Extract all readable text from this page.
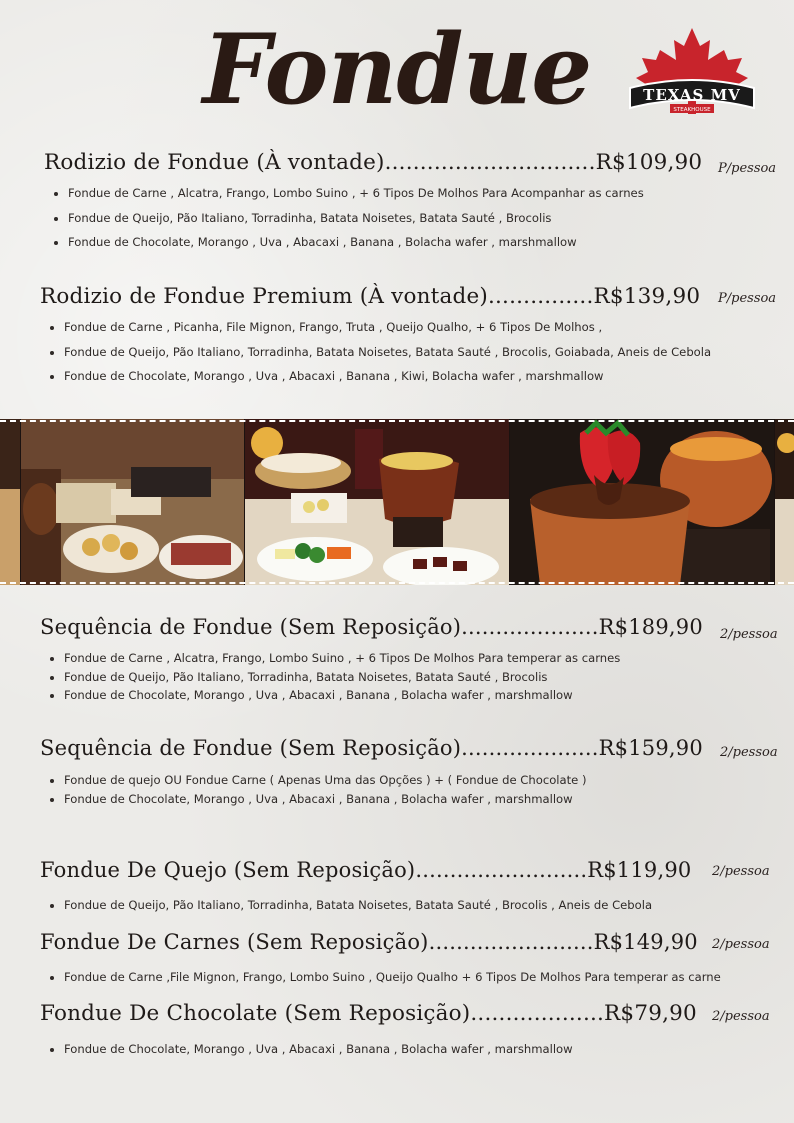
Fondue	TEXAS MV
STEAKHOUSE
Rodizio de Fondue (À vontade)..............................R$109,90 P/pessoa
Fondue de Carne , Alcatra, Frango, Lombo Suino , + 6 Tipos De Molhos Para Acompanhar as carnes
Fondue de Queijo, Pão Italiano, Torradinha, Batata Noisetes, Batata Sauté , Brocolis
Fondue de Chocolate, Morango , Uva , Abacaxi , Banana , Bolacha wafer , marshmallow
Rodizio de Fondue Premium (À vontade)...............R$139,90 P/pessoa
Fondue de Carne , Picanha, File Mignon, Frango, Truta , Queijo Qualho, + 6 Tipos De Molhos ,
Fondue de Queijo, Pão Italiano, Torradinha, Batata Noisetes, Batata Sauté , Brocolis, Goiabada, Aneis de Cebola
Fondue de Chocolate, Morango , Uva , Abacaxi , Banana , Kiwi, Bolacha wafer , marshmallow
Sequência de Fondue (Sem Reposição)....................R$189,90 2/pessoa
Fondue de Carne , Alcatra, Frango, Lombo Suino , + 6 Tipos De Molhos Para temperar as carnes
Fondue de Queijo, Pão Italiano, Torradinha, Batata Noisetes, Batata Sauté , Brocolis
Fondue de Chocolate, Morango , Uva , Abacaxi , Banana , Bolacha wafer , marshmallow
Sequência de Fondue (Sem Reposição)....................R$159,90 2/pessoa
Fondue de quejo OU Fondue Carne ( Apenas Uma das Opções ) + ( Fondue de Chocolate )
Fondue de Chocolate, Morango , Uva , Abacaxi , Banana , Bolacha wafer , marshmallow
Fondue De Quejo (Sem Reposição).........................R$119,90 2/pessoa
Fondue de Queijo, Pão Italiano, Torradinha, Batata Noisetes, Batata Sauté , Brocolis , Aneis de Cebola
Fondue De Carnes (Sem Reposição)........................R$149,90 2/pessoa
Fondue de Carne ,File Mignon, Frango, Lombo Suino , Queijo Qualho + 6 Tipos De Molhos Para temperar as carne
Fondue De Chocolate (Sem Reposição)...................R$79,90 2/pessoa
Fondue de Chocolate, Morango , Uva , Abacaxi , Banana , Bolacha wafer , marshmallow
